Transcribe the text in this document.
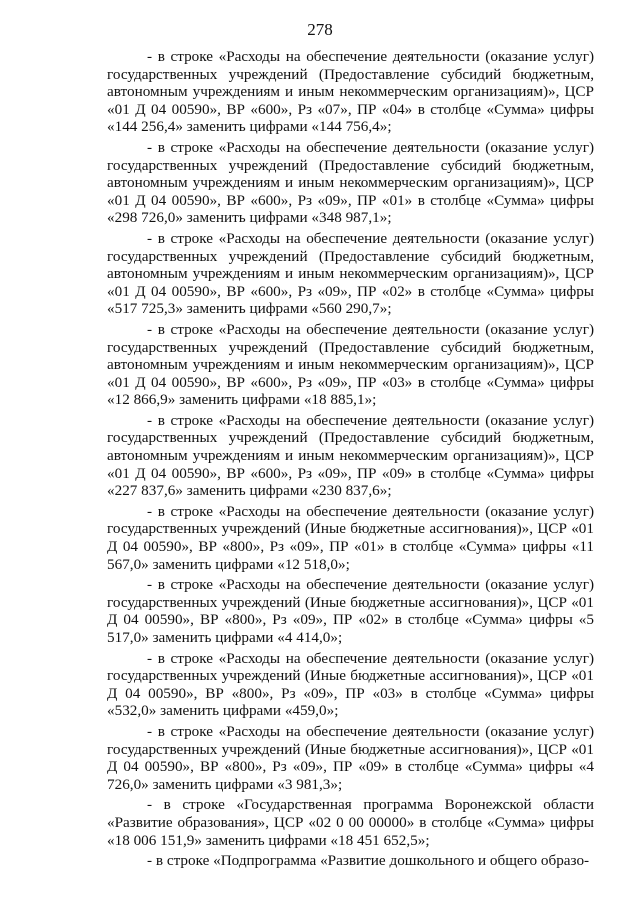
278

- в строке «Расходы на обеспечение деятельности (оказание услуг) государственных учреждений (Предоставление субсидий бюджетным, автономным учреждениям и иным некоммерческим организациям)», ЦСР «01 Д 04 00590», ВР «600», Рз «07», ПР «04» в столбце «Сумма» цифры «144 256,4» заменить цифрами «144 756,4»;

- в строке «Расходы на обеспечение деятельности (оказание услуг) государственных учреждений (Предоставление субсидий бюджетным, автономным учреждениям и иным некоммерческим организациям)», ЦСР «01 Д 04 00590», ВР «600», Рз «09», ПР «01» в столбце «Сумма» цифры «298 726,0» заменить цифрами «348 987,1»;

- в строке «Расходы на обеспечение деятельности (оказание услуг) государственных учреждений (Предоставление субсидий бюджетным, автономным учреждениям и иным некоммерческим организациям)», ЦСР «01 Д 04 00590», ВР «600», Рз «09», ПР «02» в столбце «Сумма» цифры «517 725,3» заменить цифрами «560 290,7»;

- в строке «Расходы на обеспечение деятельности (оказание услуг) государственных учреждений (Предоставление субсидий бюджетным, автономным учреждениям и иным некоммерческим организациям)», ЦСР «01 Д 04 00590», ВР «600», Рз «09», ПР «03» в столбце «Сумма» цифры «12 866,9» заменить цифрами «18 885,1»;

- в строке «Расходы на обеспечение деятельности (оказание услуг) государственных учреждений (Предоставление субсидий бюджетным, автономным учреждениям и иным некоммерческим организациям)», ЦСР «01 Д 04 00590», ВР «600», Рз «09», ПР «09» в столбце «Сумма» цифры «227 837,6» заменить цифрами «230 837,6»;

- в строке «Расходы на обеспечение деятельности (оказание услуг) государственных учреждений (Иные бюджетные ассигнования)», ЦСР «01 Д 04 00590», ВР «800», Рз «09», ПР «01» в столбце «Сумма» цифры «11 567,0» заменить цифрами «12 518,0»;

- в строке «Расходы на обеспечение деятельности (оказание услуг) государственных учреждений (Иные бюджетные ассигнования)», ЦСР «01 Д 04 00590», ВР «800», Рз «09», ПР «02» в столбце «Сумма» цифры «5 517,0» заменить цифрами «4 414,0»;

- в строке «Расходы на обеспечение деятельности (оказание услуг) государственных учреждений (Иные бюджетные ассигнования)», ЦСР «01 Д 04 00590», ВР «800», Рз «09», ПР «03» в столбце «Сумма» цифры «532,0» заменить цифрами «459,0»;

- в строке «Расходы на обеспечение деятельности (оказание услуг) государственных учреждений (Иные бюджетные ассигнования)», ЦСР «01 Д 04 00590», ВР «800», Рз «09», ПР «09» в столбце «Сумма» цифры «4 726,0» заменить цифрами «3 981,3»;

- в строке «Государственная программа Воронежской области «Развитие образования», ЦСР «02 0 00 00000» в столбце «Сумма» цифры «18 006 151,9» заменить цифрами «18 451 652,5»;

- в строке «Подпрограмма «Развитие дошкольного и общего образо-
